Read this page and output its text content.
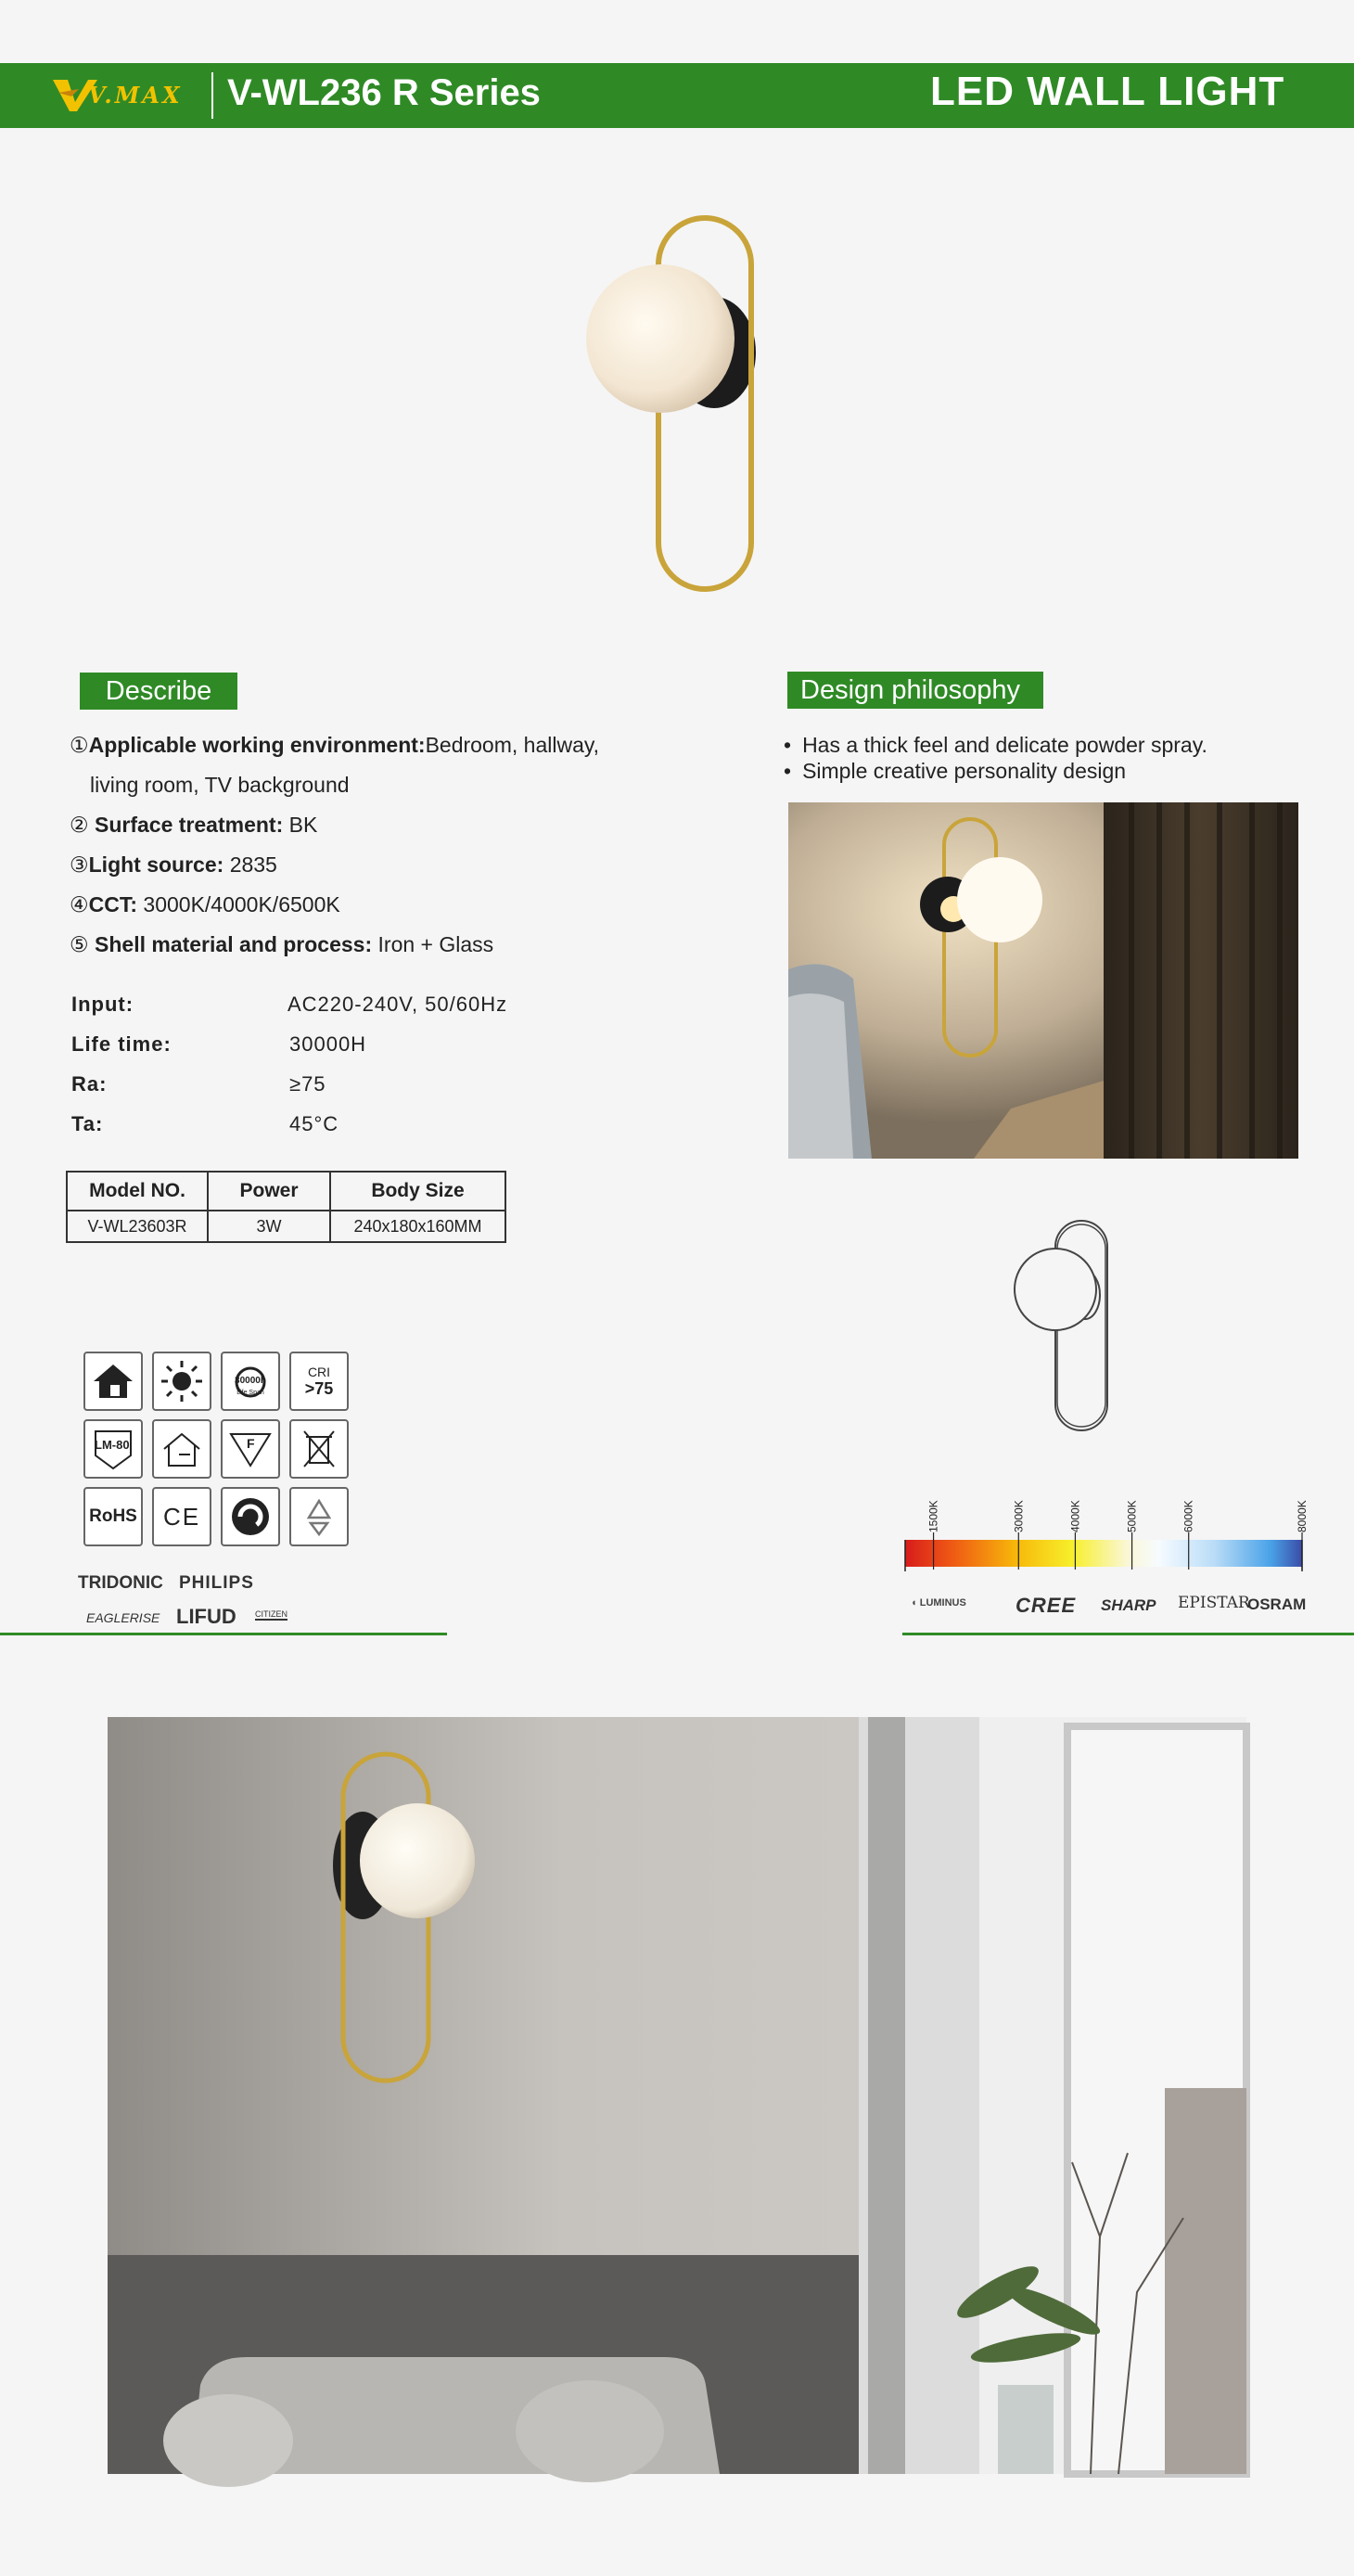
V.MAX V-WL236 R Series	LED WALL LIGHT
Describe
①Applicable working environment:Bedroom, hallway,
living room, TV background
② Surface treatment: BK
③Light source: 2835
④CCT: 3000K/4000K/6500K
⑤ Shell material and process: Iron + Glass
Input:	AC220-240V, 50/60Hz
Life time:	30000H
Ra:	≥75
Ta:	45°C
Model NO.	Power	Body Size
V-WL23603R	3W	240x180x160MM
30000h
Life Span
CRI
>75
LM-80	F
RoHS CE
TRIDONIC PHILIPS
EAGLERISE LIFUD CITIZEN
Design philosophy
• Has a thick feel and delicate powder spray.
• Simple creative personality design
1500K	3000K	4000K	5000K	6000K	8000K
◖ LUMINUS CREE SHARP EPISTAR
OSRAM
